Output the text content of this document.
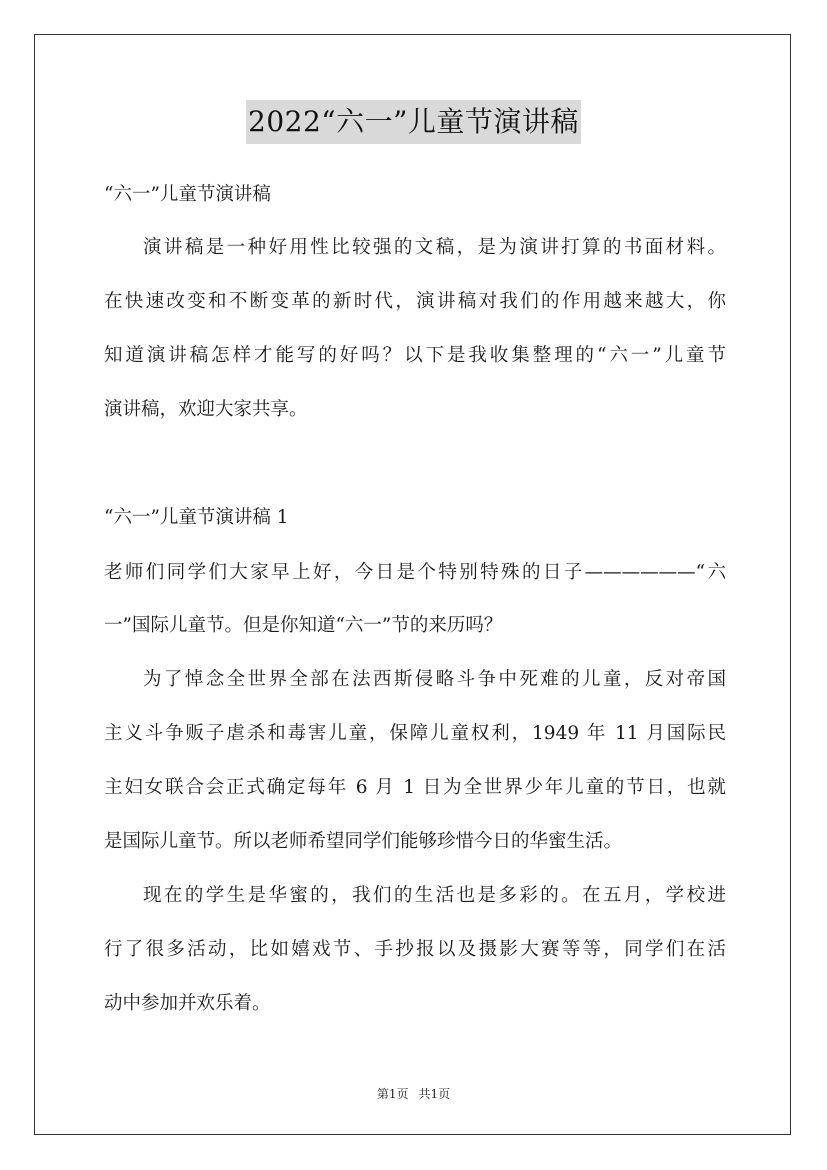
2022“六一”儿童节演讲稿
“六一”儿童节演讲稿
演讲稿是一种好用性比较强的文稿，是为演讲打算的书面材料。
在快速改变和不断变革的新时代，演讲稿对我们的作用越来越大，你
知道演讲稿怎样才能写的好吗？以下是我收集整理的“六一”儿童节
演讲稿，欢迎大家共享。
“六一”儿童节演讲稿 1
老师们同学们大家早上好，今日是个特别特殊的日子——————“六
一”国际儿童节。但是你知道“六一”节的来历吗？
为了悼念全世界全部在法西斯侵略斗争中死难的儿童，反对帝国
主义斗争贩子虐杀和毒害儿童，保障儿童权利，1949 年 11 月国际民
主妇女联合会正式确定每年 6 月 1 日为全世界少年儿童的节日，也就
是国际儿童节。所以老师希望同学们能够珍惜今日的华蜜生活。
现在的学生是华蜜的，我们的生活也是多彩的。在五月，学校进
行了很多活动，比如嬉戏节、手抄报以及摄影大赛等等，同学们在活
动中参加并欢乐着。
第1页 共1页
